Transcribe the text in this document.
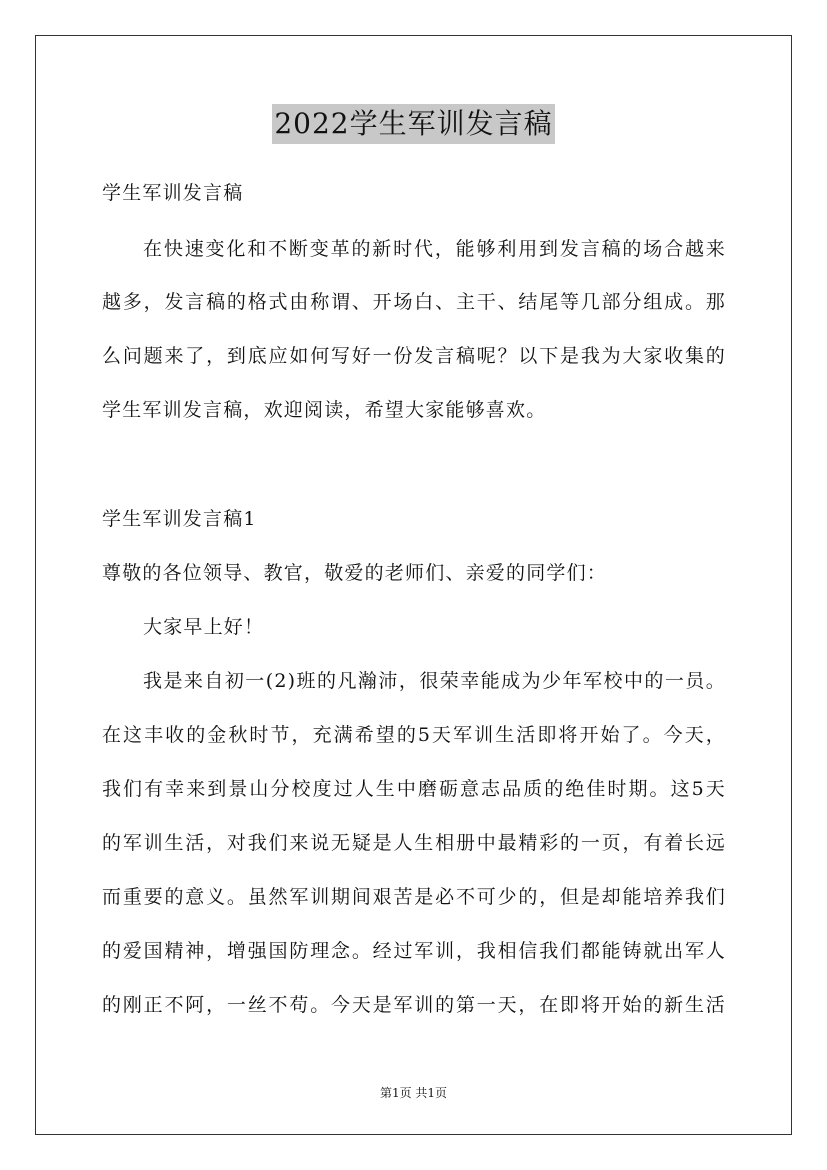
2022学生军训发言稿
学生军训发言稿
在快速变化和不断变革的新时代，能够利用到发言稿的场合越来
越多，发言稿的格式由称谓、开场白、主干、结尾等几部分组成。那
么问题来了，到底应如何写好一份发言稿呢？以下是我为大家收集的
学生军训发言稿，欢迎阅读，希望大家能够喜欢。
学生军训发言稿1
尊敬的各位领导、教官，敬爱的老师们、亲爱的同学们：
大家早上好！
我是来自初一(2)班的凡瀚沛，很荣幸能成为少年军校中的一员。
在这丰收的金秋时节，充满希望的5天军训生活即将开始了。今天，
我们有幸来到景山分校度过人生中磨砺意志品质的绝佳时期。这5天
的军训生活，对我们来说无疑是人生相册中最精彩的一页，有着长远
而重要的意义。虽然军训期间艰苦是必不可少的，但是却能培养我们
的爱国精神，增强国防理念。经过军训，我相信我们都能铸就出军人
的刚正不阿，一丝不苟。今天是军训的第一天，在即将开始的新生活
第1页 共1页
